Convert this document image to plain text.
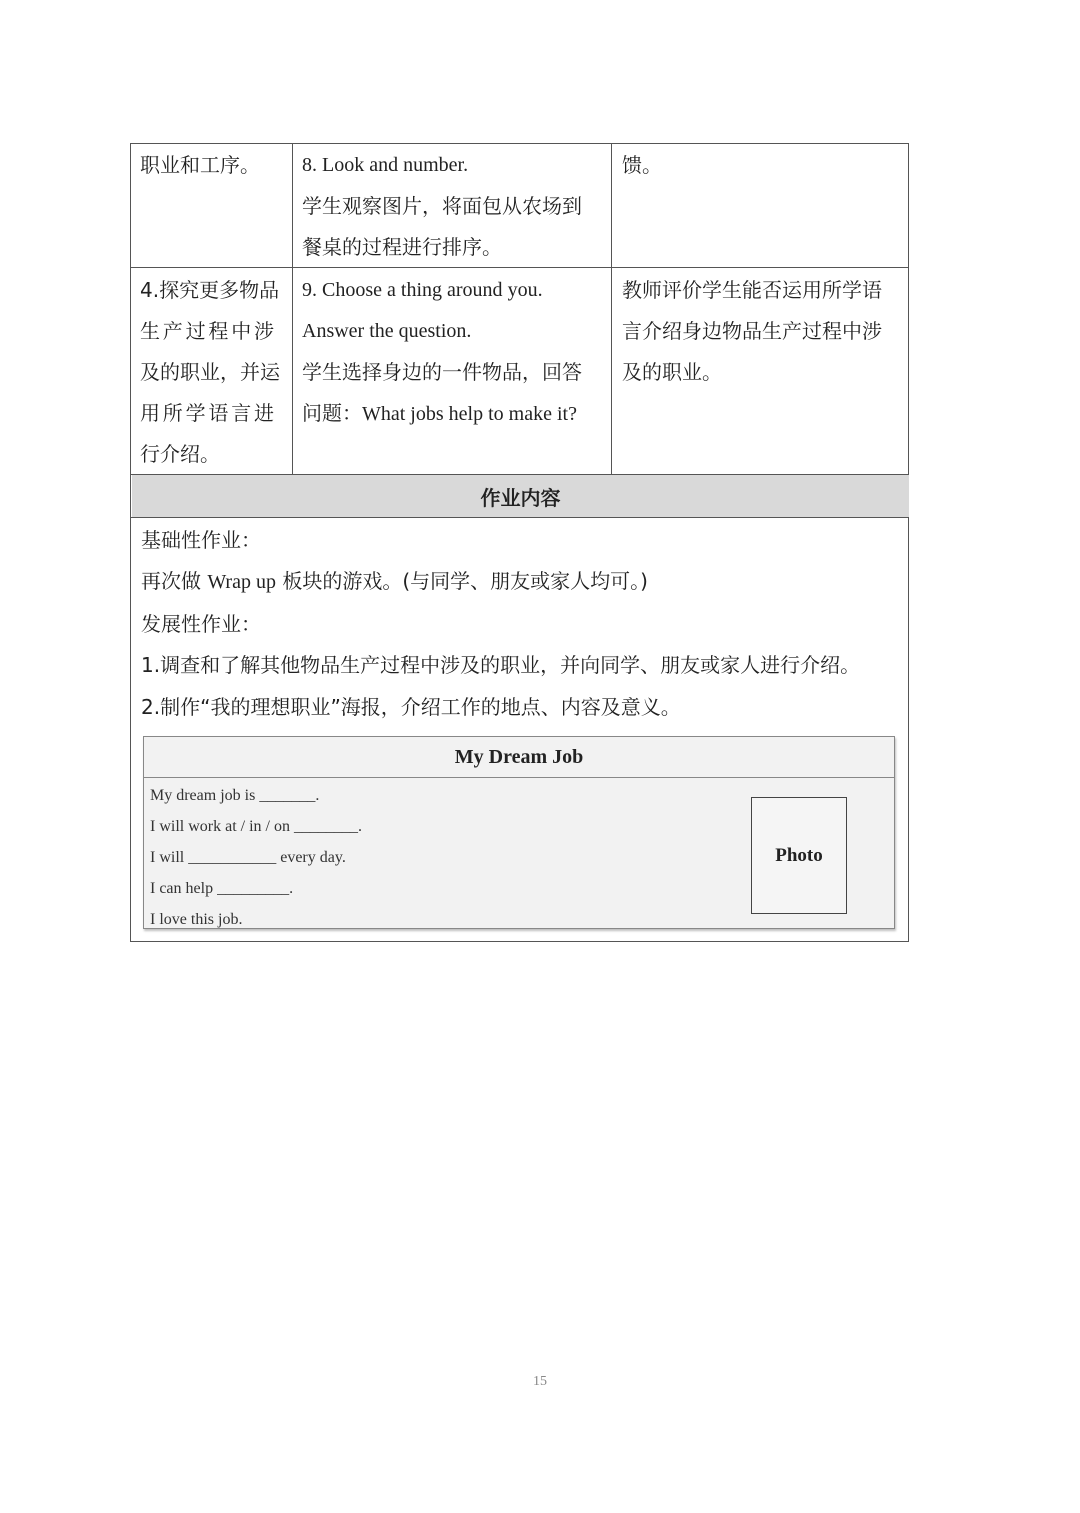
职业和工序。	8. Look and number.
学生观察图片，将面包从农场到
餐桌的过程进行排序。
馈。
4.探究更多物品
生产过程中涉
及的职业，并运
用所学语言进
行介绍。
9. Choose a thing around you.
Answer the question.
学生选择身边的一件物品，回答
问题：What jobs help to make it?
教师评价学生能否运用所学语
言介绍身边物品生产过程中涉
及的职业。
作业内容
基础性作业：
再次做 Wrap up 板块的游戏。(与同学、朋友或家人均可。)
发展性作业：
1.调查和了解其他物品生产过程中涉及的职业，并向同学、朋友或家人进行介绍。
2.制作“我的理想职业”海报，介绍工作的地点、内容及意义。
My Dream Job
My dream job is _______.
I will work at / in / on ________.
I will ___________ every day.
I can help _________.
I love this job.
Photo
15
